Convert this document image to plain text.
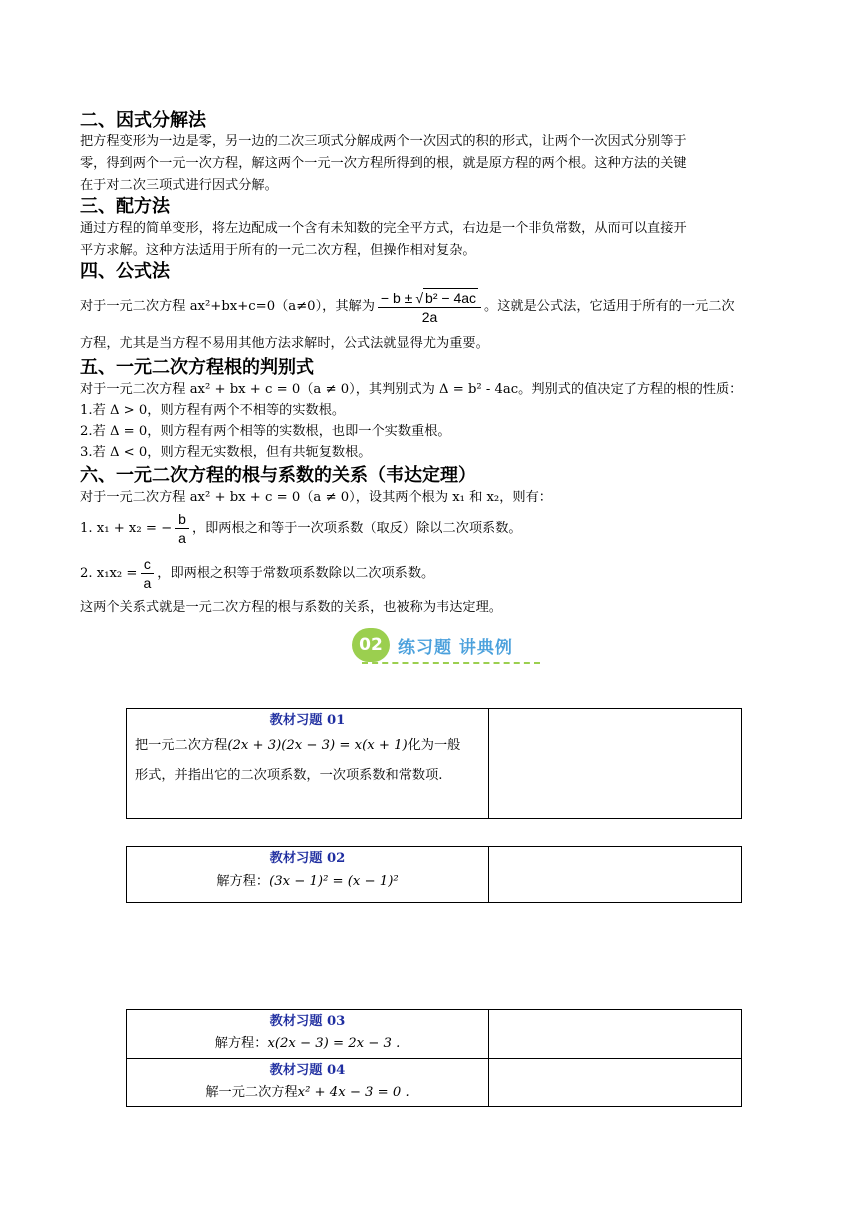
二、因式分解法
把方程变形为一边是零，另一边的二次三项式分解成两个一次因式的积的形式，让两个一次因式分别等于
零，得到两个一元一次方程，解这两个一元一次方程所得到的根，就是原方程的两个根。这种方法的关键
在于对二次三项式进行因式分解。
三、配方法
通过方程的简单变形，将左边配成一个含有未知数的完全平方式，右边是一个非负常数，从而可以直接开
平方求解。这种方法适用于所有的一元二次方程，但操作相对复杂。
四、公式法
对于一元二次方程 ax²+bx+c=0（a≠0），其解为 $\frac{\text{− b ± √ b² − 4ac}}{2a}$ 。这就是公式法，它适用于所有的一元二次
方程，尤其是当方程不易用其他方法求解时，公式法就显得尤为重要。
五、一元二次方程根的判别式
对于一元二次方程 ax² + bx + c = 0（a ≠ 0），其判别式为 Δ = b² - 4ac。判别式的值决定了方程的根的性质：
1.若 Δ > 0，则方程有两个不相等的实数根。
2.若 Δ = 0，则方程有两个相等的实数根，也即一个实数重根。
3.若 Δ < 0，则方程无实数根，但有共轭复数根。
六、一元二次方程的根与系数的关系（韦达定理）
对于一元二次方程 ax² + bx + c = 0（a ≠ 0），设其两个根为 x₁ 和 x₂，则有：
1. x₁ + x₂ = − $\frac{b}{a}$ ，即两根之和等于一次项系数（取反）除以二次项系数。
2. $x_1x_2 = \frac{c}{a}$ ，即两根之积等于常数项系数除以二次项系数。
这两个关系式就是一元二次方程的根与系数的关系，也被称为韦达定理。
02 练习题 讲典例
教材习题 01
把一元二次方程(2x + 3)(2x − 3) = x(x + 1)化为一般
形式，并指出它的二次项系数，一次项系数和常数项.
教材习题 02
解方程：(3x − 1)² = (x − 1)²
教材习题 03
解方程：x(2x − 3) = 2x − 3 .
教材习题 04
解一元二次方程x² + 4x − 3 = 0 .
